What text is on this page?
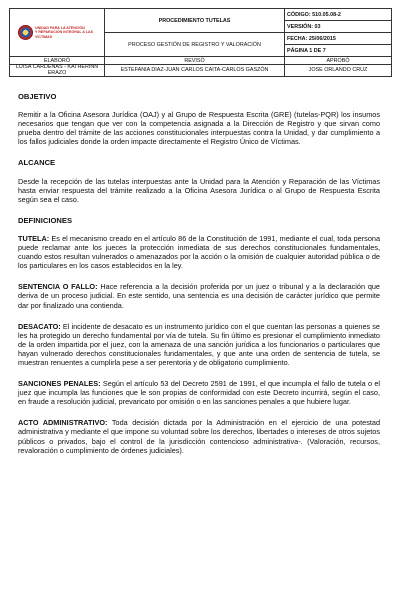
UNIDAD PARA LA ATENCIÓN
Y REPARACIÓN INTEGRAL A LAS VÍCTIMAS	PROCEDIMIENTO TUTELAS	CÓDIGO: 510.05.08-2
		VERSIÓN: 03
	PROCESO GESTIÓN DE REGISTRO Y VALORACIÓN	FECHA: 25/06/2015
		PÁGINA 1 DE 7
ELABORÓ	REVISÓ	APROBÓ
LUISA CARDENAS - KATHERINN ERAZO	ESTEFANIA DIAZ-JUAN CARLOS CAITA-CARLOS GASZÓN	JOSE ORLANDO CRUZ
OBJETIVO

Remitir a la Oficina Asesora Jurídica (OAJ) y al Grupo de Respuesta Escrita (GRE) (tutelas-PQR) los insumos necesarios que tengan que ver con la competencia asignada a la Dirección de Registro y que sirvan como prueba dentro del trámite de las acciones constitucionales interpuestas contra la Unidad, y dar cumplimiento a los fallos judiciales donde la orden impacte directamente el Registro Único de Víctimas.

ALCANCE

Desde la recepción de las tutelas interpuestas ante la Unidad para la Atención y Reparación de las Víctimas hasta enviar respuesta del trámite realizado a la Oficina Asesora Jurídica o al Grupo de Respuesta Escrita según sea el caso.

DEFINICIONES

TUTELA: Es el mecanismo creado en el artículo 86 de la Constitución de 1991, mediante el cual, toda persona puede reclamar ante los jueces la protección inmediata de sus derechos constitucionales fundamentales, cuando estos resultan vulnerados o amenazados por la acción o la omisión de cualquier autoridad pública o de los particulares en los casos establecidos en la ley.

SENTENCIA O FALLO: Hace referencia a la decisión proferida por un juez o tribunal y a la declaración que deriva de un proceso judicial. En este sentido, una sentencia es una decisión de carácter jurídico que permite dar por finalizado una contienda.

DESACATO: El incidente de desacato es un instrumento jurídico con el que cuentan las personas a quienes se les ha protegido un derecho fundamental por vía de tutela. Su fin último es presionar el cumplimiento inmediato de la orden impartida por el juez, con la amenaza de una sanción jurídica a los funcionarios o particulares que hayan vulnerado derechos constitucionales fundamentales, y que ante una orden de sentencia de tutela, se muestran renuentes a cumplirla pese a ser perentoria y de obligatorio cumplimiento.

SANCIONES PENALES: Según el artículo 53 del Decreto 2591 de 1991, el que incumpla el fallo de tutela o el juez que incumpla las funciones que le son propias de conformidad con este Decreto incurrirá, según el caso, en fraude a resolución judicial, prevaricato por omisión o en las sanciones penales a que hubiere lugar.

ACTO ADMINISTRATIVO: Toda decisión dictada por la Administración en el ejercicio de una potestad administrativa y mediante el que impone su voluntad sobre los derechos, libertades o intereses de otros sujetos públicos o privados, bajo el control de la jurisdicción contencioso administrativa-. (Valoración, recursos, revaloración o cumplimiento de órdenes judiciales).
